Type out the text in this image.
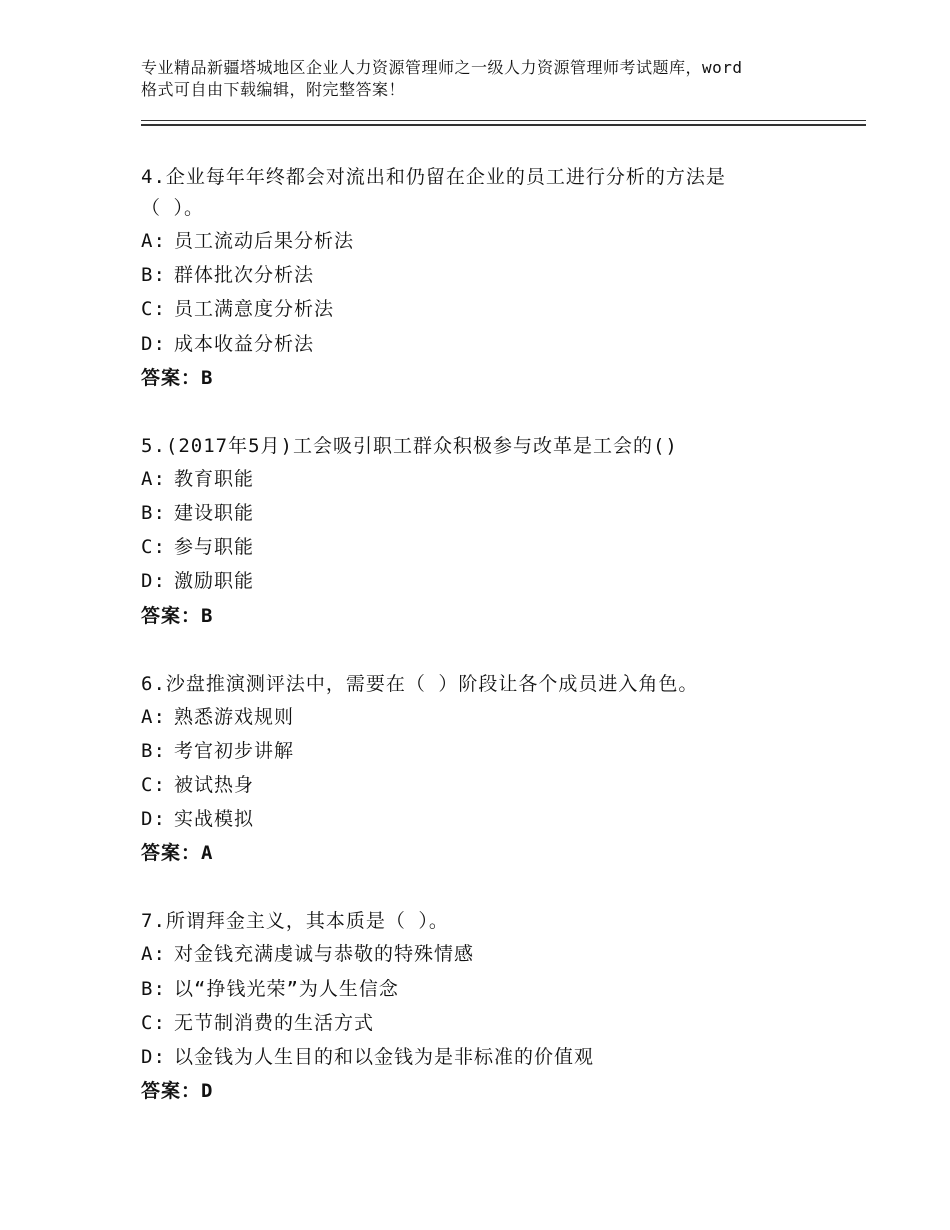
专业精品新疆塔城地区企业人力资源管理师之一级人力资源管理师考试题库，word
格式可自由下载编辑，附完整答案！

4.企业每年年终都会对流出和仍留在企业的员工进行分析的方法是
（ ）。

A: 员工流动后果分析法
B: 群体批次分析法
C: 员工满意度分析法
D: 成本收益分析法
答案：B

5.(2017年5月)工会吸引职工群众积极参与改革是工会的()

A: 教育职能
B: 建设职能
C: 参与职能
D: 激励职能
答案：B

6.沙盘推演测评法中，需要在（ ）阶段让各个成员进入角色。

A: 熟悉游戏规则
B: 考官初步讲解
C: 被试热身
D: 实战模拟
答案：A

7.所谓拜金主义，其本质是（ ）。

A: 对金钱充满虔诚与恭敬的特殊情感
B: 以“挣钱光荣”为人生信念
C: 无节制消费的生活方式
D: 以金钱为人生目的和以金钱为是非标准的价值观
答案：D
